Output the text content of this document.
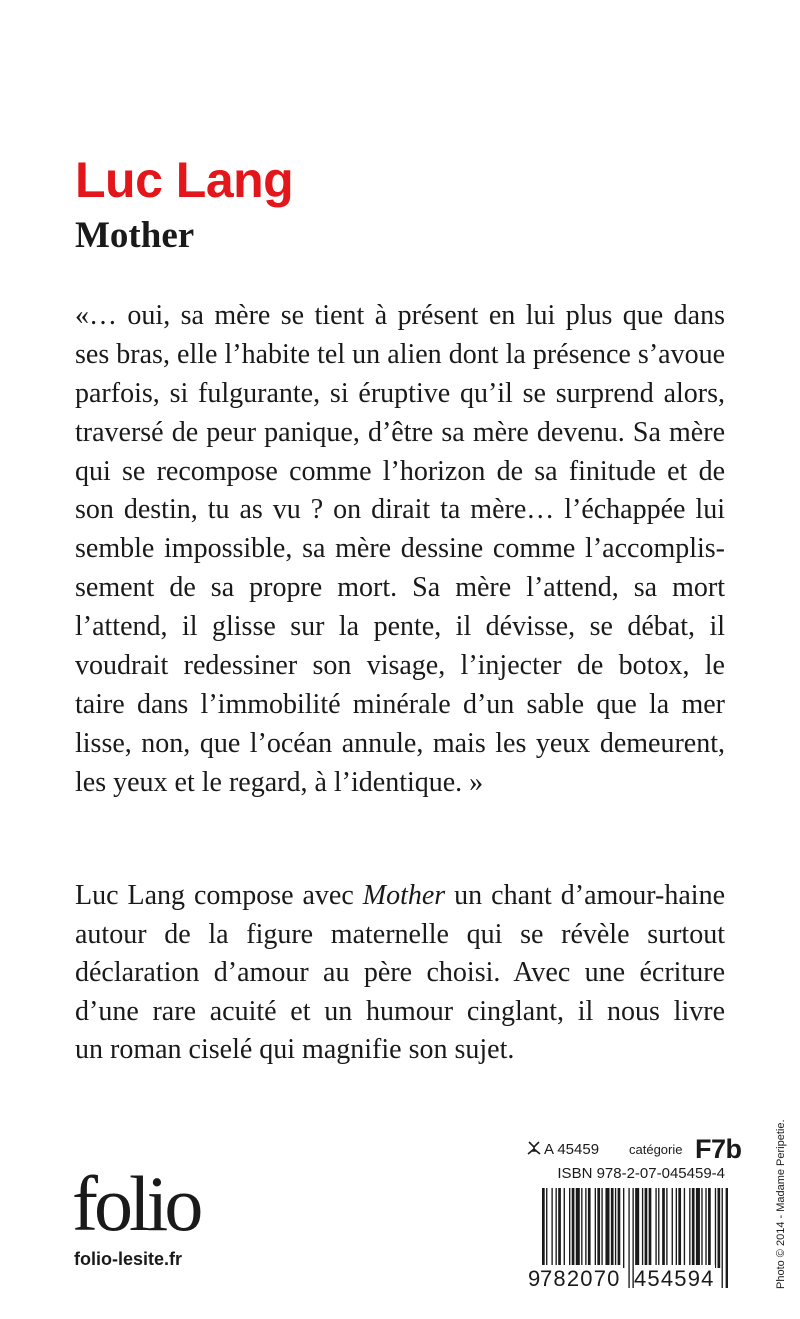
Luc Lang
Mother
«… oui, sa mère se tient à présent en lui plus que dans
ses bras, elle l’habite tel un alien dont la présence s’avoue
parfois, si fulgurante, si éruptive qu’il se surprend alors,
traversé de peur panique, d’être sa mère devenu. Sa mère
qui se recompose comme l’horizon de sa finitude et de
son destin, tu as vu ? on dirait ta mère… l’échappée lui
semble impossible, sa mère dessine comme l’accomplis-
sement de sa propre mort. Sa mère l’attend, sa mort
l’attend, il glisse sur la pente, il dévisse, se débat, il
voudrait redessiner son visage, l’injecter de botox, le
taire dans l’immobilité minérale d’un sable que la mer
lisse, non, que l’océan annule, mais les yeux demeurent,
les yeux et le regard, à l’identique. »
Luc Lang compose avec Mother un chant d’amour-haine
autour de la figure maternelle qui se révèle surtout
déclaration d’amour au père choisi. Avec une écriture
d’une rare acuité et un humour cinglant, il nous livre
un roman ciselé qui magnifie son sujet.
A 45459 catégorie F7b
ISBN 978-2-07-045459-4
9 782070 454594
folio
folio-lesite.fr	Photo © 2014 - Madame Peripetie.
